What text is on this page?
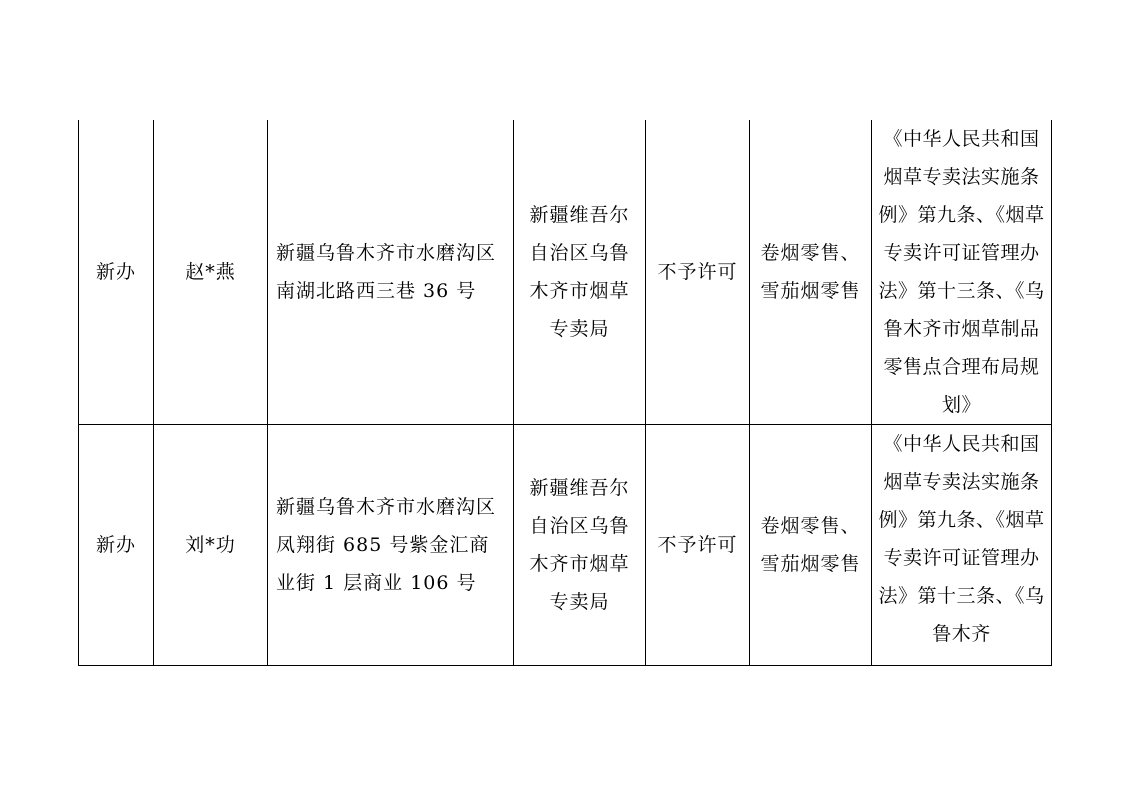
新办	赵*燕	新疆乌鲁木齐市水磨沟区南湖北路西三巷 36 号	新疆维吾尔自治区乌鲁木齐市烟草专卖局	不予许可	卷烟零售、雪茄烟零售	《中华人民共和国烟草专卖法实施条例》第九条、《烟草专卖许可证管理办法》第十三条、《乌鲁木齐市烟草制品零售点合理布局规划》

新办	刘*功	新疆乌鲁木齐市水磨沟区凤翔街 685 号紫金汇商业街 1 层商业 106 号	新疆维吾尔自治区乌鲁木齐市烟草专卖局	不予许可	卷烟零售、雪茄烟零售	《中华人民共和国烟草专卖法实施条例》第九条、《烟草专卖许可证管理办法》第十三条、《乌鲁木齐
